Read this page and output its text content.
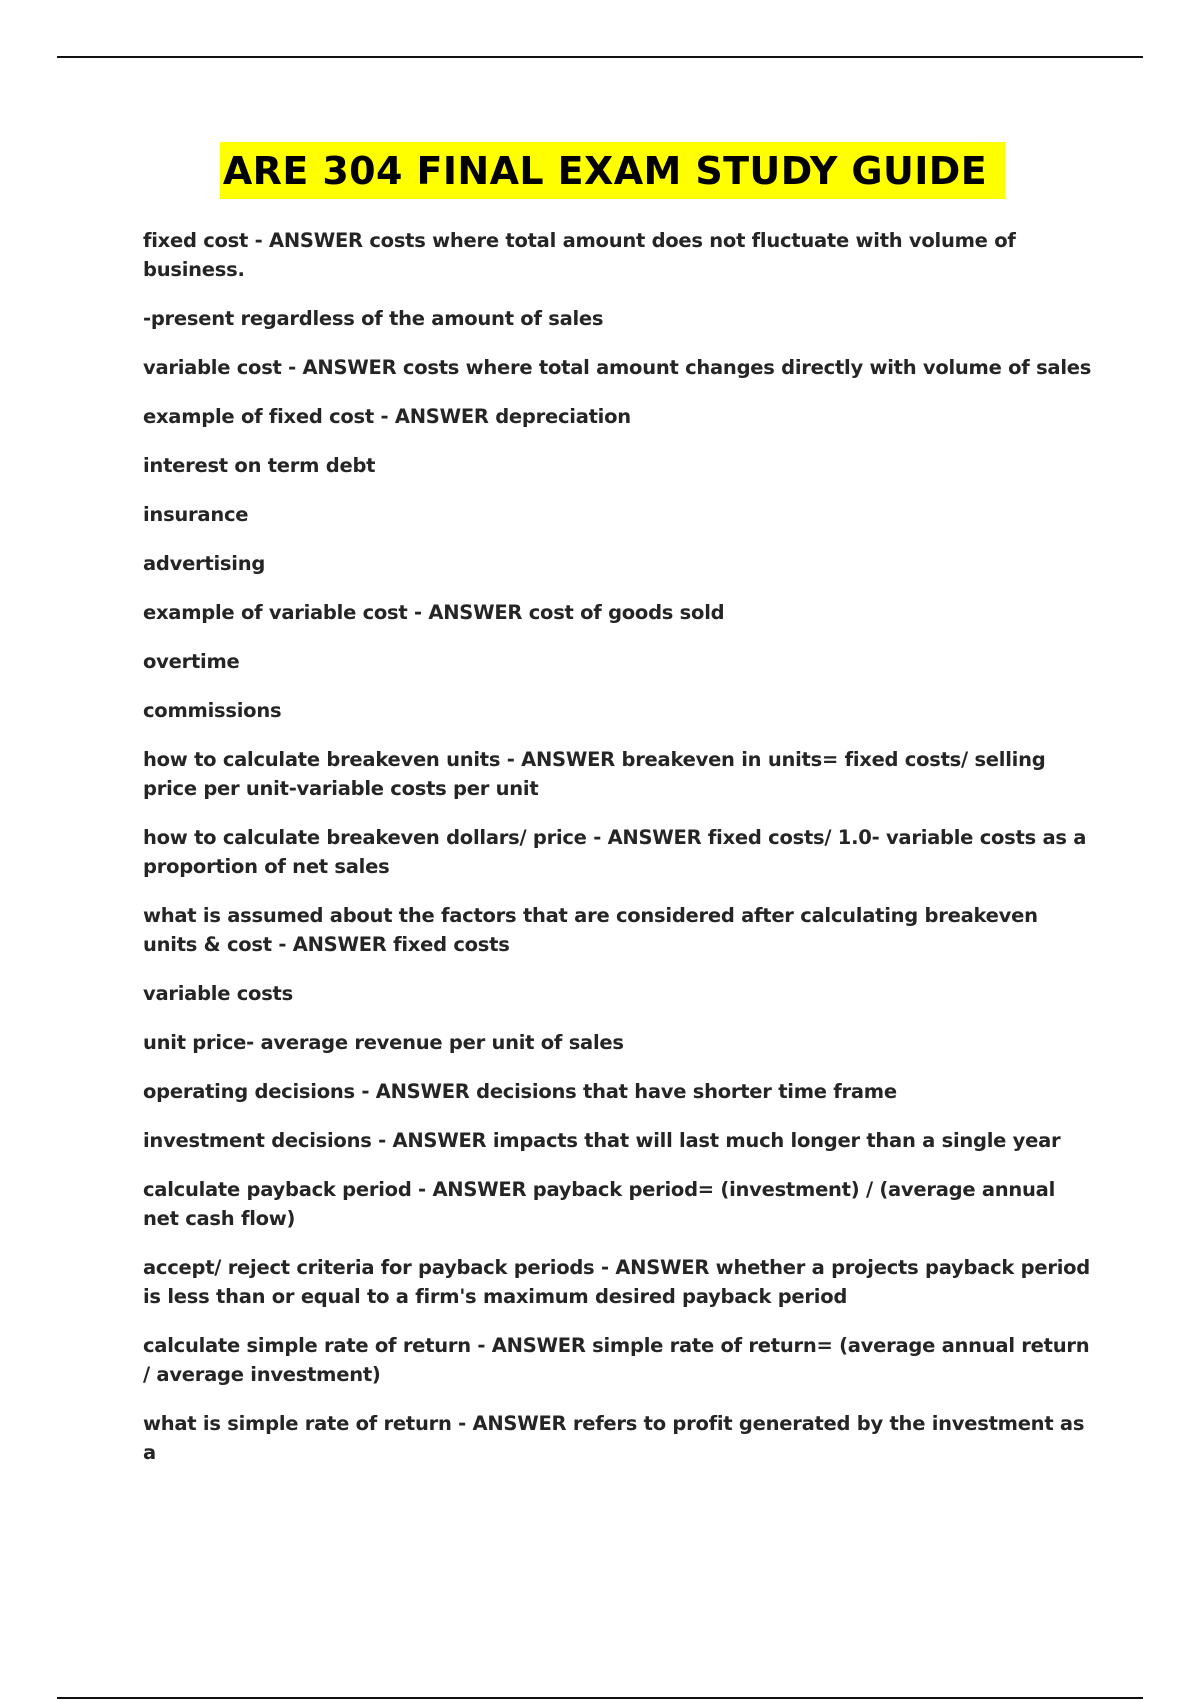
ARE 304 FINAL EXAM STUDY GUIDE

fixed cost - ANSWER costs where total amount does not fluctuate with volume of business.

-present regardless of the amount of sales

variable cost - ANSWER costs where total amount changes directly with volume of sales

example of fixed cost - ANSWER depreciation

interest on term debt

insurance

advertising

example of variable cost - ANSWER cost of goods sold

overtime

commissions

how to calculate breakeven units - ANSWER breakeven in units= fixed costs/ selling price per unit-variable costs per unit

how to calculate breakeven dollars/ price - ANSWER fixed costs/ 1.0- variable costs as a proportion of net sales

what is assumed about the factors that are considered after calculating breakeven units & cost - ANSWER fixed costs

variable costs

unit price- average revenue per unit of sales

operating decisions - ANSWER decisions that have shorter time frame

investment decisions - ANSWER impacts that will last much longer than a single year

calculate payback period - ANSWER payback period= (investment) / (average annual net cash flow)

accept/ reject criteria for payback periods - ANSWER whether a projects payback period is less than or equal to a firm's maximum desired payback period

calculate simple rate of return - ANSWER simple rate of return= (average annual return / average investment)

what is simple rate of return - ANSWER refers to profit generated by the investment as a
